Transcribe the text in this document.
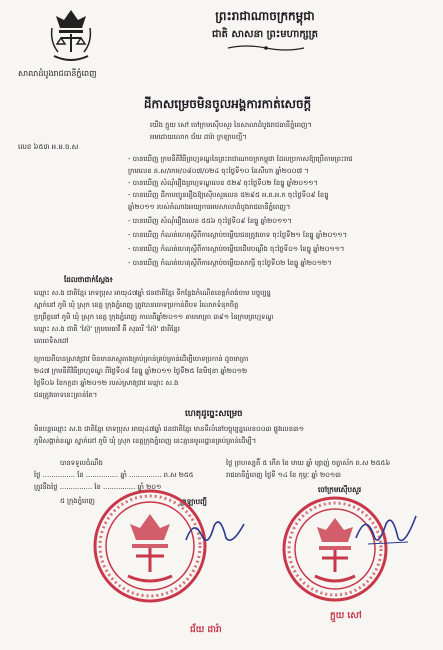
ព្រះរាជាណាចក្រកម្ពុជា
ជាតិ សាសនា ព្រះមហាក្សត្រ
សាលាដំបូងរាជធានីភ្នំពេញ
ដីកាសម្រេចមិនចូលអង្គការកាត់សេចក្ដី
យើង ក្អួយ សៅ ចៅក្រមស៊ើបសួរ នៃសាលាដំបូងរាជធានីភ្នំពេញ។
អមដោយលោក ជ័យ ដារ៉ា ក្រឡាបញ្ជី។
លេខ ៦៥៣ អ.ម.ច.ស
- បានឃើញ ក្រមនីតិវិធីព្រហ្មទណ្ឌនៃព្រះរាជាណាចក្រកម្ពុជា ដែលប្រកាសឱ្យប្រើតាមព្រះរាជ
ក្រមលេខ ន.ស/រកម/០៨០៧/០២៤ ចុះថ្ងៃទី១០ ខែសីហា ឆ្នាំ២០០៧ ។
- បានឃើញ សំណុំរឿងព្រហ្មទណ្ឌលេខ ៥២៩ ចុះថ្ងៃទី០២ ខែធ្នូ ឆ្នាំ២០១១។
- បានឃើញ ដីកាបញ្ជូនរឿងឱ្យស៊ើបសួរលេខ ៥២៩៥ អ.ព.អ.ក ចុះថ្ងៃទី០៩ ខែធ្នូ
ឆ្នាំ២០១១ របស់តំណាងអយ្យការអមសាលាដំបូងរាជធានីភ្នំពេញ។
- បានឃើញ សំណុំរឿងលេខ ៥៥៦ ចុះថ្ងៃទី០៩ ខែធ្នូ ឆ្នាំ២០១១។
- បានឃើញ កំណត់ហេតុស្ដីពីការស្ដាប់ចម្លើយជនត្រូវចោទ ចុះថ្ងៃទី២១ ខែធ្នូ ឆ្នាំ២០១១។
- បានឃើញ កំណត់ហេតុស្ដីពីការស្ដាប់ចម្លើយដើមបណ្ដឹង ចុះថ្ងៃទី០១ ខែធ្នូ ឆ្នាំ២០១១។
- បានឃើញ កំណត់ហេតុស្ដីពីការស្ដាប់ចម្លើយសាក្សី ចុះថ្ងៃទី០២ ខែធ្នូ ឆ្នាំ២០១២។
ដែលថាជាក់ស្ដែង៖
ឈ្មោះ ស.ង ជាតិខ្មែរ ភេទប្រុស អាយុ៤៧ឆ្នាំ ជនជាតិខ្មែរ ទីកន្លែងកំណើតខេត្តកំពង់ចាម បច្ចុប្បន្ន
ស្នាក់នៅ ភូមិ ឃុំ ស្រុក ខេត្ត ក្រុងភ្នំពេញ ត្រូវបានចោទប្រកាន់ពីបទ រំលោភទំនុកចិត្ត
ប្រព្រឹត្តនៅ ភូមិ ឃុំ ស្រុក ខេត្ត ក្រុងភ្នំពេញ កាលពីឆ្នាំ២០១១ តាមមាត្រា ៣៩១ នៃក្រមព្រហ្មទណ្ឌ
ឈ្មោះ ស.ង ជាតិ 'ស៊ៃ' ក្រុមមេធាវី គឺ សុធារី 'ស៊ៃ' ជាតិខ្មែរ
គោរពទិសដៅ
ក្រោយពីបានស្រាវជ្រាវ មិនមានភស្តុតាងគ្រប់គ្រាន់គ្រប់គ្រាន់ដើម្បីចោទប្រកាន់ ដូចមាត្រា
២៤៧ ក្រមនីតិវិធីព្រហ្មទណ្ឌ ពីថ្ងៃទី០៨ ខែធ្នូ ឆ្នាំ២០១១ ថ្ងៃទី២៥ ខែមិថុនា ឆ្នាំ២០១២
ថ្ងៃទី០៦ ខែកក្កដា ឆ្នាំ២០១២ របស់ស្រាវជ្រាវ ឈ្មោះ ស.ង
ជនត្រូវចោទនេះគ្រាន់តែ។
ហេតុដូច្នេះសម្រេច
មិនបន្តឈ្មោះ ស.ង ជាតិខ្មែរ ភេទប្រុស អាយុ៤៧ឆ្នាំ ជនជាតិខ្មែរ មានទីលំនៅបច្ចុប្បន្នលេខ០០៣ ផ្លូវលេខ៣១
ភូមិសង្កាត់ខណ្ឌ ស្នាក់នៅ ភូមិ ឃុំ ស្រុក ខេត្តក្រុងភ្នំពេញ នេះគ្មានមូលដ្ឋានគ្រប់គ្រាន់ដើម្បី។
បានទទួលដំណឹង
ថ្ងៃ ............... ខែ ............... ឆ្នាំ ............... ព.ស ២៥៥
ត្រូវនឹងថ្ងៃ ............... ខែ ............... ឆ្នាំ ២០១
៥ ក្រុងភ្នំពេញ
ថ្ងៃ ព្រហស្បតិ៍ ៥ កើត ខែ មាឃ ឆ្នាំ ម្សាញ់ ចត្វាស័ក ព.ស ២៥៥៦
រាជធានីភ្នំពេញ ថ្ងៃទី ១៤ ខែ កុម្ភៈ ឆ្នាំ ២០១៣
ចៅក្រមស៊ើបសួរ
ក្រឡាបញ្ជី
ជ័យ ដារ៉ា
ក្អួយ សៅ
